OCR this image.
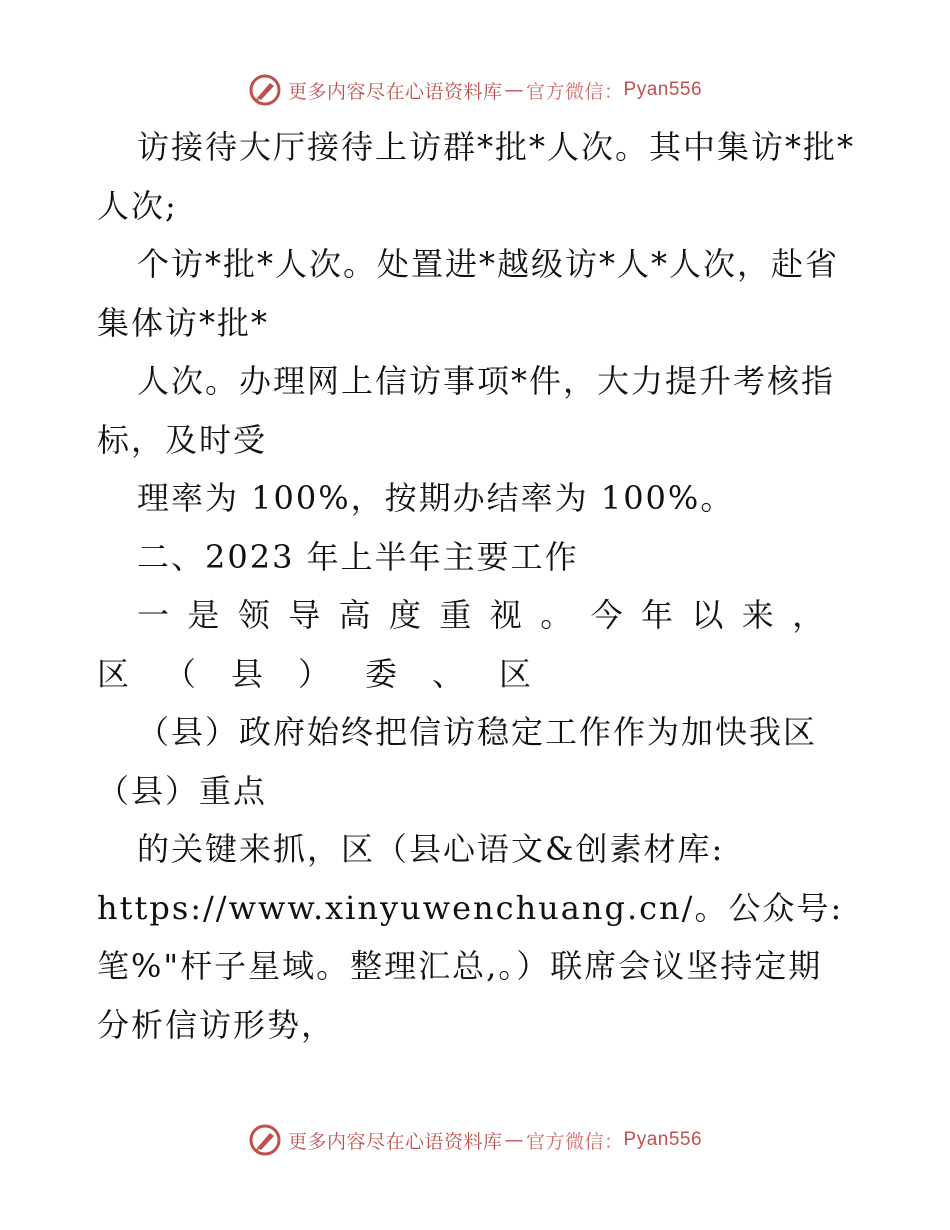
更多内容尽在心语资料库 — 官方微信 ： Pyan556
访接待大厅接待上访群*批*人次。其中集访*批*
人次;
个访*批*人次。处置进*越级访*人*人次，赴省
集体访*批*
人次。办理网上信访事项*件，大力提升考核指
标，及时受
理率为 100%，按期办结率为 100%。
二、2023 年上半年主要工作
一是领导高度重视。今年以来，
区（县）委、区
（县）政府始终把信访稳定工作作为加快我区
（县）重点
的关键来抓，区（县心语文&创素材库:
https://www.xinyuwenchuang.cn/。公众号:
笔%"杆子星域。整理汇总,。）联席会议坚持定期
分析信访形势，
更多内容尽在心语资料库 — 官方微信 ： Pyan556
